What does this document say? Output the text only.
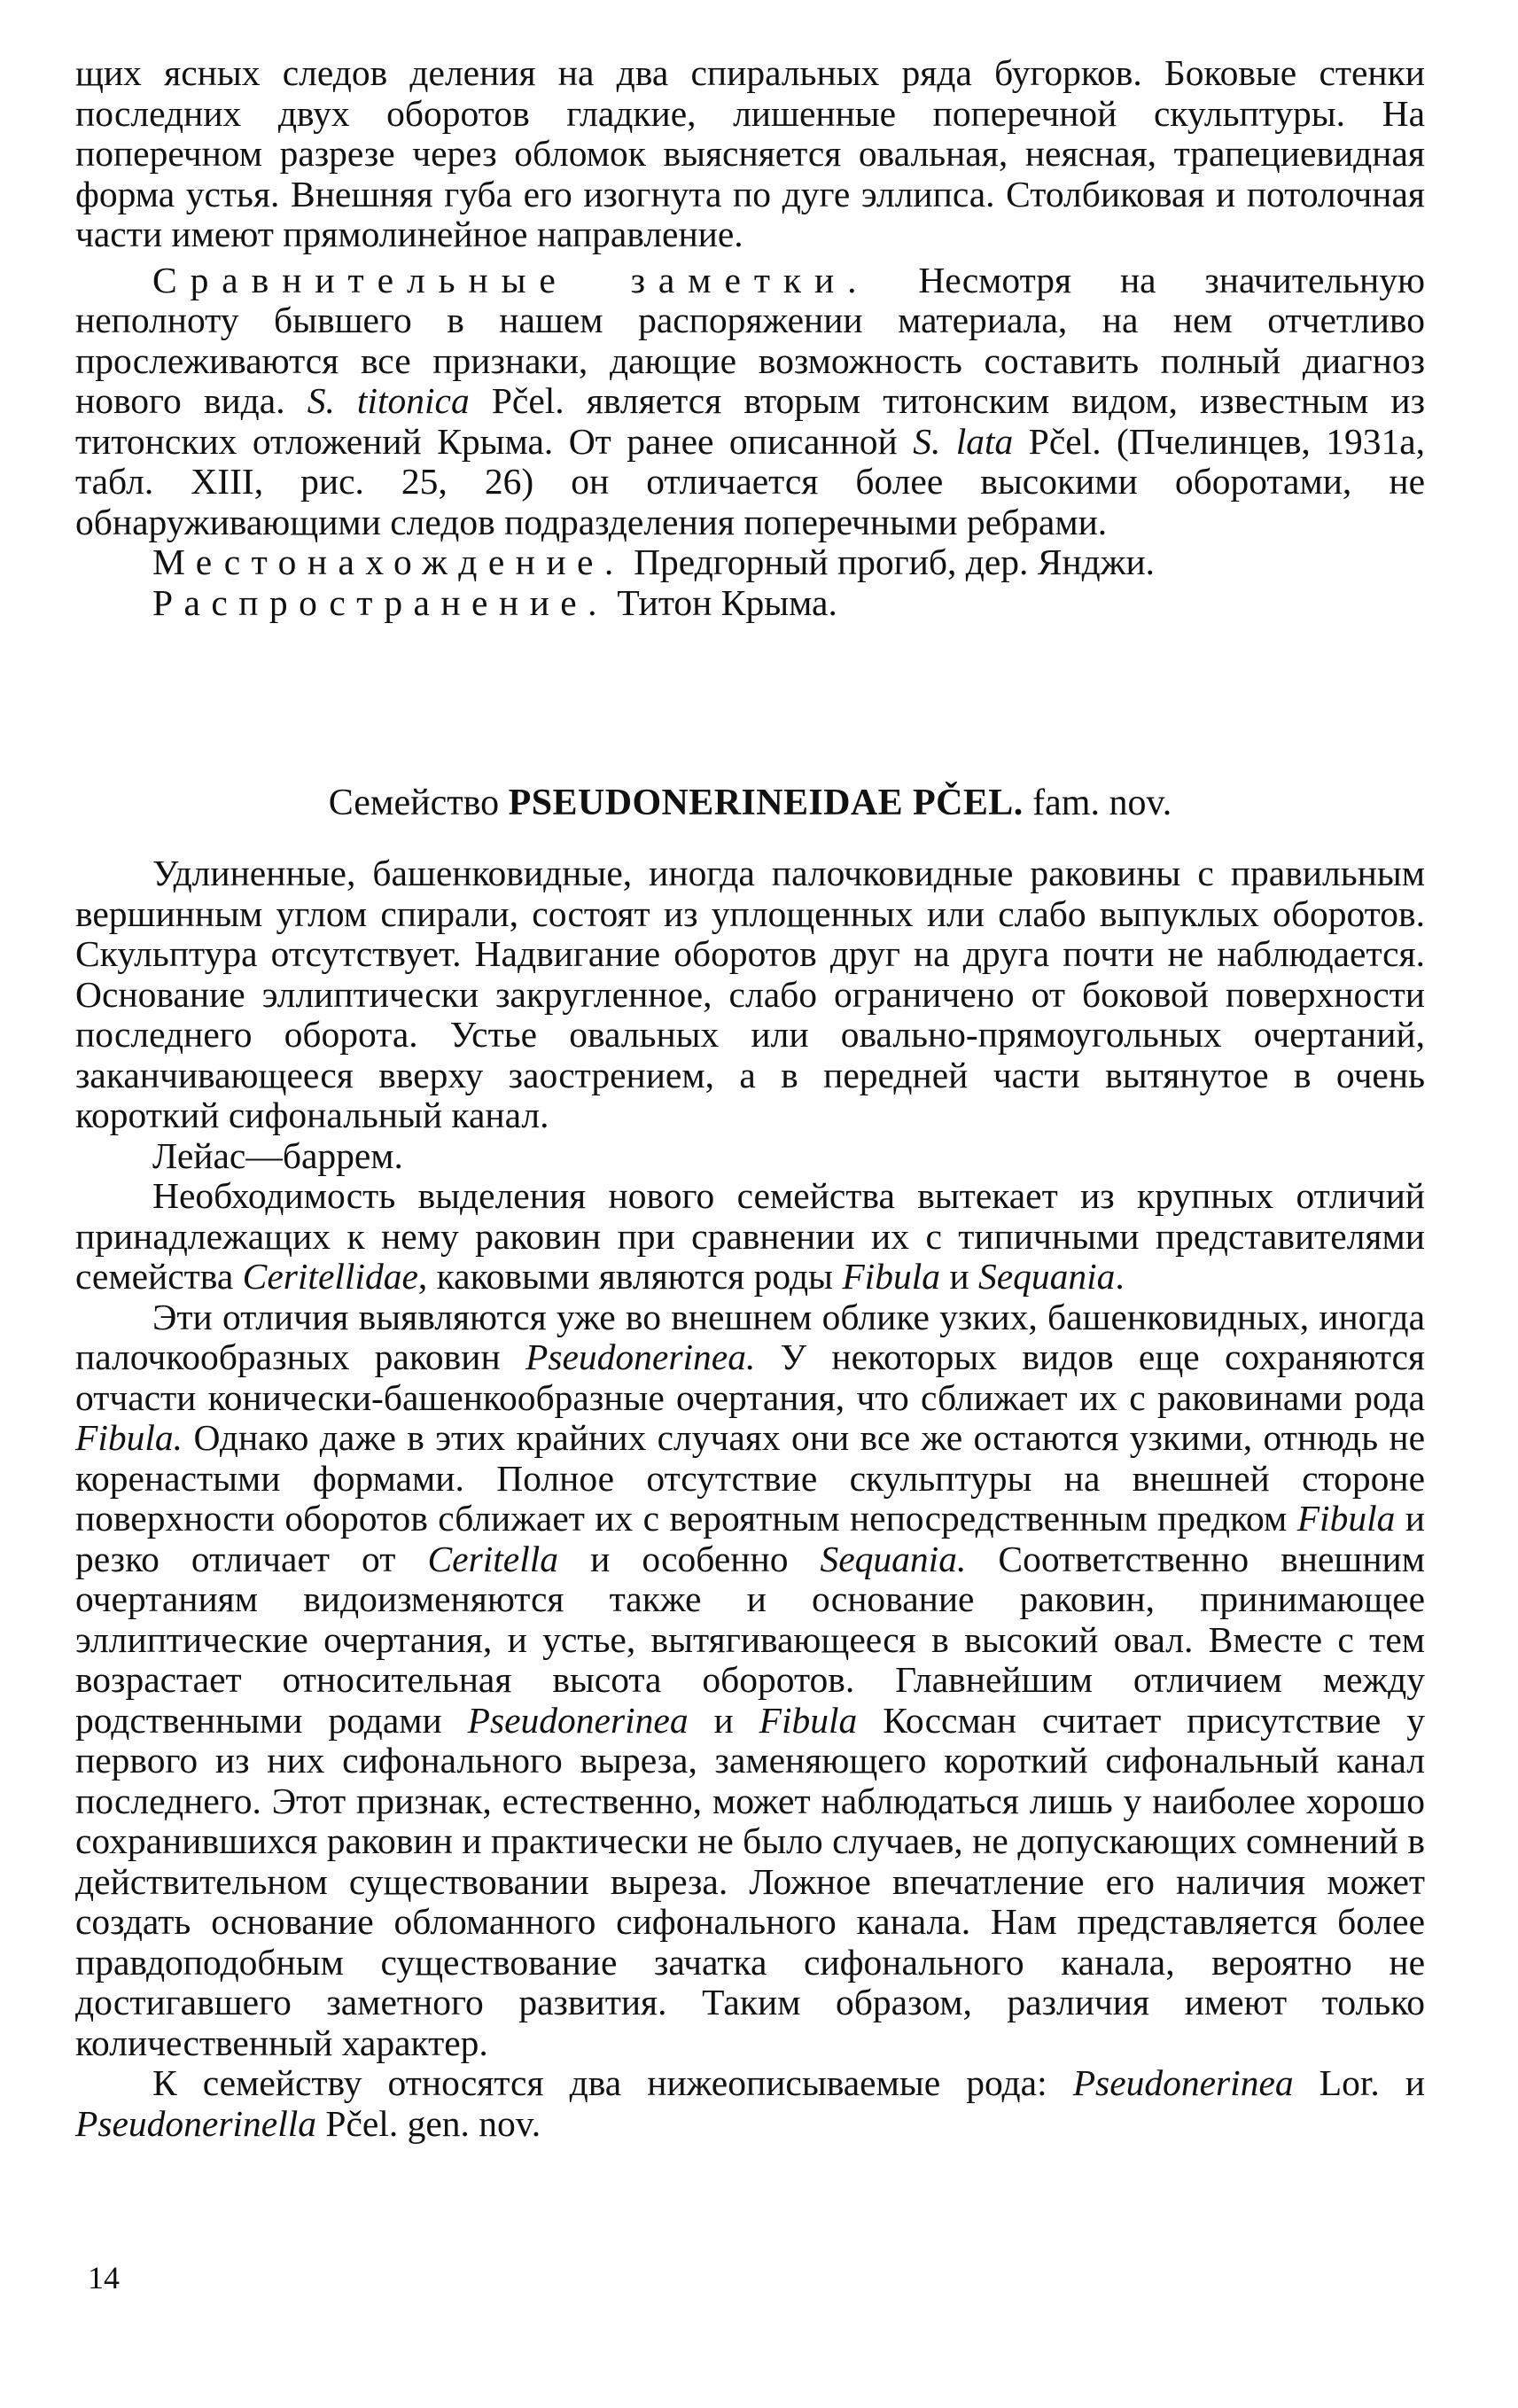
щих ясных следов деления на два спиральных ряда бугорков. Боковые стенки последних двух оборотов гладкие, лишенные поперечной скульптуры. На поперечном разрезе через обломок выясняется овальная, неясная, трапециевидная форма устья. Внешняя губа его изогнута по дуге эллипса. Столбиковая и потолочная части имеют прямолинейное направление.

Сравнительные заметки. Несмотря на значительную неполноту бывшего в нашем распоряжении материала, на нем отчетливо прослеживаются все признаки, дающие возможность составить полный диагноз нового вида. S. titonica Pčel. является вторым титонским видом, известным из титонских отложений Крыма. От ранее описанной S. lata Pčel. (Пчелинцев, 1931а, табл. XIII, рис. 25, 26) он отличается более высокими оборотами, не обнаруживающими следов подразделения поперечными ребрами.

Местонахождение. Предгорный прогиб, дер. Янджи.

Распространение. Титон Крыма.

Семейство PSEUDONERINEIDAE PČEL. fam. nov.

Удлиненные, башенковидные, иногда палочковидные раковины с правильным вершинным углом спирали, состоят из уплощенных или слабо выпуклых оборотов. Скульптура отсутствует. Надвигание оборотов друг на друга почти не наблюдается. Основание эллиптически закругленное, слабо ограничено от боковой поверхности последнего оборота. Устье овальных или овально-прямоугольных очертаний, заканчивающееся вверху заострением, а в передней части вытянутое в очень короткий сифональный канал.

Лейас—баррем.

Необходимость выделения нового семейства вытекает из крупных отличий принадлежащих к нему раковин при сравнении их с типичными представителями семейства Ceritellidae, каковыми являются роды Fibula и Sequania.

Эти отличия выявляются уже во внешнем облике узких, башенковидных, иногда палочкообразных раковин Pseudonerinea. У некоторых видов еще сохраняются отчасти конически-башенкообразные очертания, что сближает их с раковинами рода Fibula. Однако даже в этих крайних случаях они все же остаются узкими, отнюдь не коренастыми формами. Полное отсутствие скульптуры на внешней стороне поверхности оборотов сближает их с вероятным непосредственным предком Fibula и резко отличает от Ceritella и особенно Sequania. Соответственно внешним очертаниям видоизменяются также и основание раковин, принимающее эллиптические очертания, и устье, вытягивающееся в высокий овал. Вместе с тем возрастает относительная высота оборотов. Главнейшим отличием между родственными родами Pseudonerinea и Fibula Коссман считает присутствие у первого из них сифонального выреза, заменяющего короткий сифональный канал последнего. Этот признак, естественно, может наблюдаться лишь у наиболее хорошо сохранившихся раковин и практически не было случаев, не допускающих сомнений в действительном существовании выреза. Ложное впечатление его наличия может создать основание обломанного сифонального канала. Нам представляется более правдоподобным существование зачатка сифонального канала, вероятно не достигавшего заметного развития. Таким образом, различия имеют только количественный характер.

К семейству относятся два нижеописываемые рода: Pseudonerinea Lor. и Pseudonerinella Pčel. gen. nov.

14
